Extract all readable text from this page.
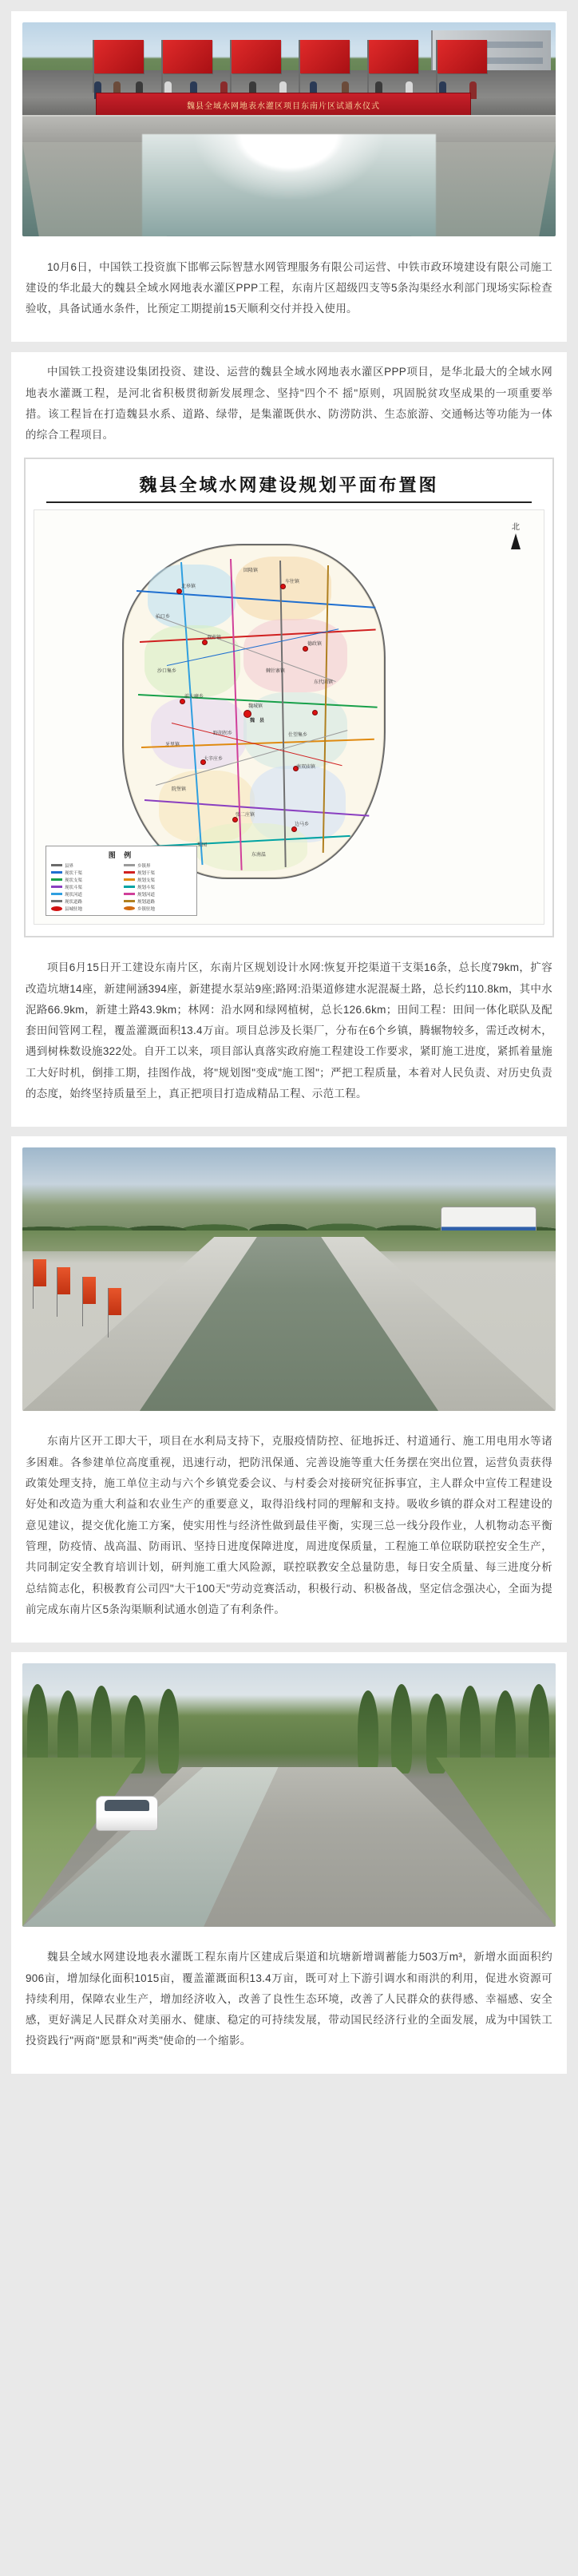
魏县全域水网地表水灌区项目东南片区试通水仪式

10月6日，中国铁工投资旗下邯郸云际智慧水网管理服务有限公司运营、中铁市政环境建设有限公司施工建设的华北最大的魏县全域水网地表水灌区PPP工程，东南片区超级四支等5条沟渠经水利部门现场实际检查验收，具备试通水条件，比预定工期提前15天顺利交付并投入使用。

中国铁工投资建设集团投资、建设、运营的魏县全域水网地表水灌区PPP项目，是华北最大的全域水网地表水灌溉工程，是河北省积极贯彻新发展理念、坚持"四个不 摇"原则，巩固脱贫攻坚成果的一项重要举措。该工程旨在打造魏县水系、道路、绿带，是集灌既供水、防涝防洪、生态旅游、交通畅达等功能为一体的综合工程项目。

魏县全域水网建设规划平面布置图
北
北皋镇
车往镇
泊口乡
双井镇
德政镇
回隆镇
沙口集乡
东代固镇
棘针寨镇
前大磨乡
野胡拐乡
牙里镇
仕望集乡
大辛庄乡
南双庙镇
院堡镇
魏城镇
魏　县
张二庄镇
边马乡
东南温
梨园
图 例
县界	乡镇界
现状干渠	规划干渠
现状支渠	规划支渠
现状斗渠	规划斗渠
现状河道	规划河道
现状道路	规划道路
县城驻地	乡镇驻地

项目6月15日开工建设东南片区，东南片区规划设计水网:恢复开挖渠道干支渠16条，总长度79km，扩容改造坑塘14座，新建闸涵394座，新建提水泵站9座;路网:沿渠道修建水泥混凝土路，总长约110.8km，其中水泥路66.9km，新建土路43.9km；林网：沿水网和绿网植树，总长126.6km；田间工程：田间一体化联队及配套田间管网工程，覆盖灌溉面积13.4万亩。项目总涉及长渠厂，分布在6个乡镇，腾辗物较多，需迁改树木，遇到树株数设施322处。自开工以来，项目部认真落实政府施工程建设工作要求，紧盯施工进度，紧抓着量施工大好时机，倒排工期，挂图作战，将"规划图"变成"施工图"；严把工程质量，本着对人民负责、对历史负责的态度，始终坚持质量至上，真正把项目打造成精品工程、示范工程。

东南片区开工即大干，项目在水利局支持下，克服疫情防控、征地拆迁、村道通行、施工用电用水等诸多困难。各参建单位高度重视，迅速行动，把防汛保通、完善设施等重大任务摆在突出位置，运营负责获得政策处理支持，施工单位主动与六个乡镇党委会议、与村委会对接研究征拆事宜，主人群众中宣传工程建设好处和改造为重大利益和农业生产的重要意义，取得沿线村同的理解和支持。吸收乡镇的群众对工程建设的意见建议，提交优化施工方案，使实用性与经济性做到最佳平衡，实现三总一线分段作业，人机物动态平衡管理，防疫情、战高温、防雨讯、坚持日进度保障进度，周进度保质量，工程施工单位联防联控安全生产，共同制定安全教育培训计划，研判施工重大风险源，联控联教安全总量防患，每日安全质量、每三进度分析总结简志化，积极教育公司四"大干100天"劳动竞赛活动，积极行动、积极备战，坚定信念强决心，全面为提前完成东南片区5条沟渠顺利试通水创造了有利条件。

魏县全域水网建设地表水灌既工程东南片区建成后渠道和坑塘新增调蓄能力503万m³，新增水面面积约906亩，增加绿化面积1015亩，覆盖灌溉面积13.4万亩，既可对上下游引调水和雨洪的利用，促进水资源可持续利用，保障农业生产，增加经济收入，改善了良性生态环境，改善了人民群众的获得感、幸福感、安全感，更好满足人民群众对美丽水、健康、稳定的可持续发展，带动国民经济行业的全面发展，成为中国铁工投资践行"两商"愿景和"两类"使命的一个缩影。
